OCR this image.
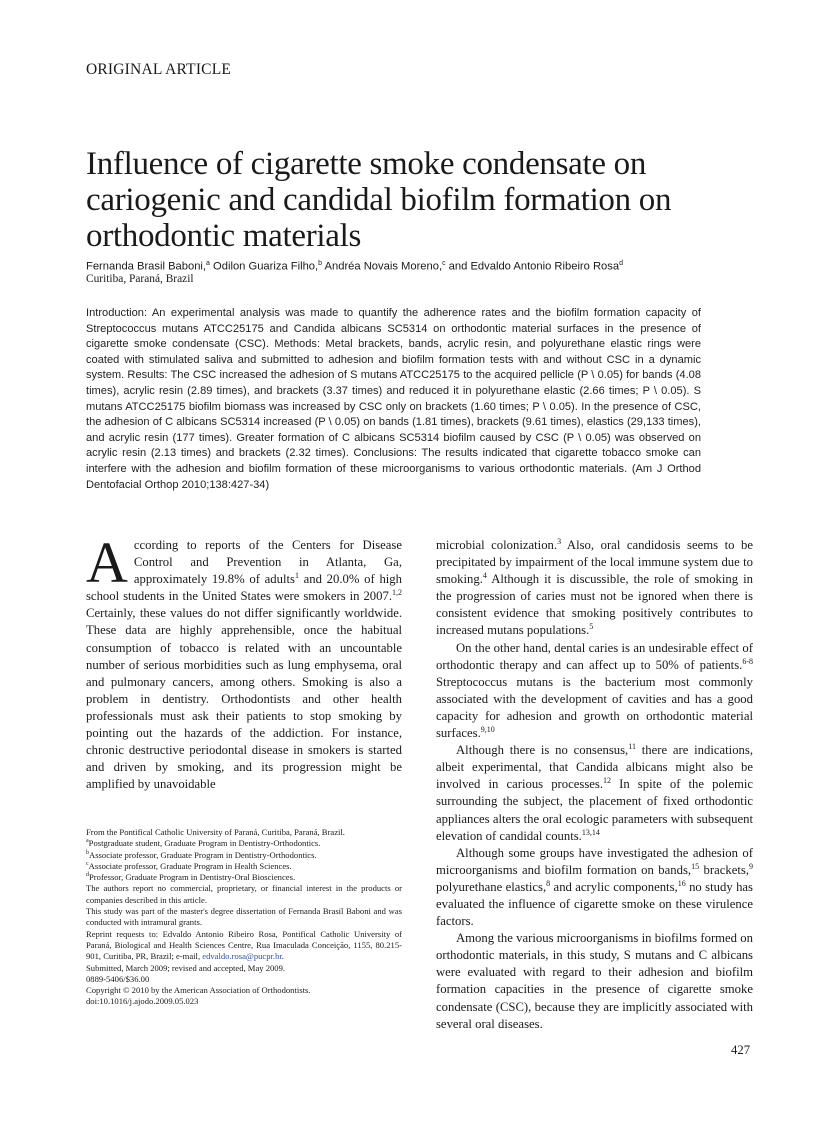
ORIGINAL ARTICLE
Influence of cigarette smoke condensate on cariogenic and candidal biofilm formation on orthodontic materials
Fernanda Brasil Baboni,$^a$ Odilon Guariza Filho,$^b$ Andréa Novais Moreno,$^c$ and Edvaldo Antonio Ribeiro Rosa$^d$
Curitiba, Paraná, Brazil
Introduction: An experimental analysis was made to quantify the adherence rates and the biofilm formation capacity of Streptococcus mutans ATCC25175 and Candida albicans SC5314 on orthodontic material surfaces in the presence of cigarette smoke condensate (CSC). Methods: Metal brackets, bands, acrylic resin, and polyurethane elastic rings were coated with stimulated saliva and submitted to adhesion and biofilm formation tests with and without CSC in a dynamic system. Results: The CSC increased the adhesion of S mutans ATCC25175 to the acquired pellicle (P \ 0.05) for bands (4.08 times), acrylic resin (2.89 times), and brackets (3.37 times) and reduced it in polyurethane elastic (2.66 times; P \ 0.05). S mutans ATCC25175 biofilm biomass was increased by CSC only on brackets (1.60 times; P \ 0.05). In the presence of CSC, the adhesion of C albicans SC5314 increased (P \ 0.05) on bands (1.81 times), brackets (9.61 times), elastics (29,133 times), and acrylic resin (177 times). Greater formation of C albicans SC5314 biofilm caused by CSC (P \ 0.05) was observed on acrylic resin (2.13 times) and brackets (2.32 times). Conclusions: The results indicated that cigarette tobacco smoke can interfere with the adhesion and biofilm formation of these microorganisms to various orthodontic materials. (Am J Orthod Dentofacial Orthop 2010;138:427-34)

According to reports of the Centers for Disease Control and Prevention in Atlanta, Ga, approximately 19.8% of adults$^1$ and 20.0% of high school students in the United States were smokers in 2007.$^{1,2}$ Certainly, these values do not differ significantly worldwide. These data are highly apprehensible, once the habitual consumption of tobacco is related with an uncountable number of serious morbidities such as lung emphysema, oral and pulmonary cancers, among others. Smoking is also a problem in dentistry. Orthodontists and other health professionals must ask their patients to stop smoking by pointing out the hazards of the addiction. For instance, chronic destructive periodontal disease in smokers is started and driven by smoking, and its progression might be amplified by unavoidable

microbial colonization.$^3$ Also, oral candidosis seems to be precipitated by impairment of the local immune system due to smoking.$^4$ Although it is discussible, the role of smoking in the progression of caries must not be ignored when there is consistent evidence that smoking positively contributes to increased mutans populations.$^5$

On the other hand, dental caries is an undesirable effect of orthodontic therapy and can affect up to 50% of patients.$^{6-8}$ Streptococcus mutans is the bacterium most commonly associated with the development of cavities and has a good capacity for adhesion and growth on orthodontic material surfaces.$^{9,10}$

Although there is no consensus,$^{11}$ there are indications, albeit experimental, that Candida albicans might also be involved in carious processes.$^{12}$ In spite of the polemic surrounding the subject, the placement of fixed orthodontic appliances alters the oral ecologic parameters with subsequent elevation of candidal counts.$^{13,14}$

Although some groups have investigated the adhesion of microorganisms and biofilm formation on bands,$^{15}$ brackets,$^9$ polyurethane elastics,$^8$ and acrylic components,$^{16}$ no study has evaluated the influence of cigarette smoke on these virulence factors.

Among the various microorganisms in biofilms formed on orthodontic materials, in this study, S mutans and C albicans were evaluated with regard to their adhesion and biofilm formation capacities in the presence of cigarette smoke condensate (CSC), because they are implicitly associated with several oral diseases.

From the Pontifical Catholic University of Paraná, Curitiba, Paraná, Brazil.

$^a$Postgraduate student, Graduate Program in Dentistry-Orthodontics.

$^b$Associate professor, Graduate Program in Dentistry-Orthodontics.

$^c$Associate professor, Graduate Program in Health Sciences.

$^d$Professor, Graduate Program in Dentistry-Oral Biosciences.

The authors report no commercial, proprietary, or financial interest in the products or companies described in this article.

This study was part of the master's degree dissertation of Fernanda Brasil Baboni and was conducted with intramural grants.

Reprint requests to: Edvaldo Antonio Ribeiro Rosa, Pontifical Catholic University of Paraná, Biological and Health Sciences Centre, Rua Imaculada Conceição, 1155, 80.215-901, Curitiba, PR, Brazil; e-mail, edvaldo.rosa@pucpr.br.

Submitted, March 2009; revised and accepted, May 2009.

0889-5406/$36.00

Copyright © 2010 by the American Association of Orthodontists.

doi:10.1016/j.ajodo.2009.05.023

427
